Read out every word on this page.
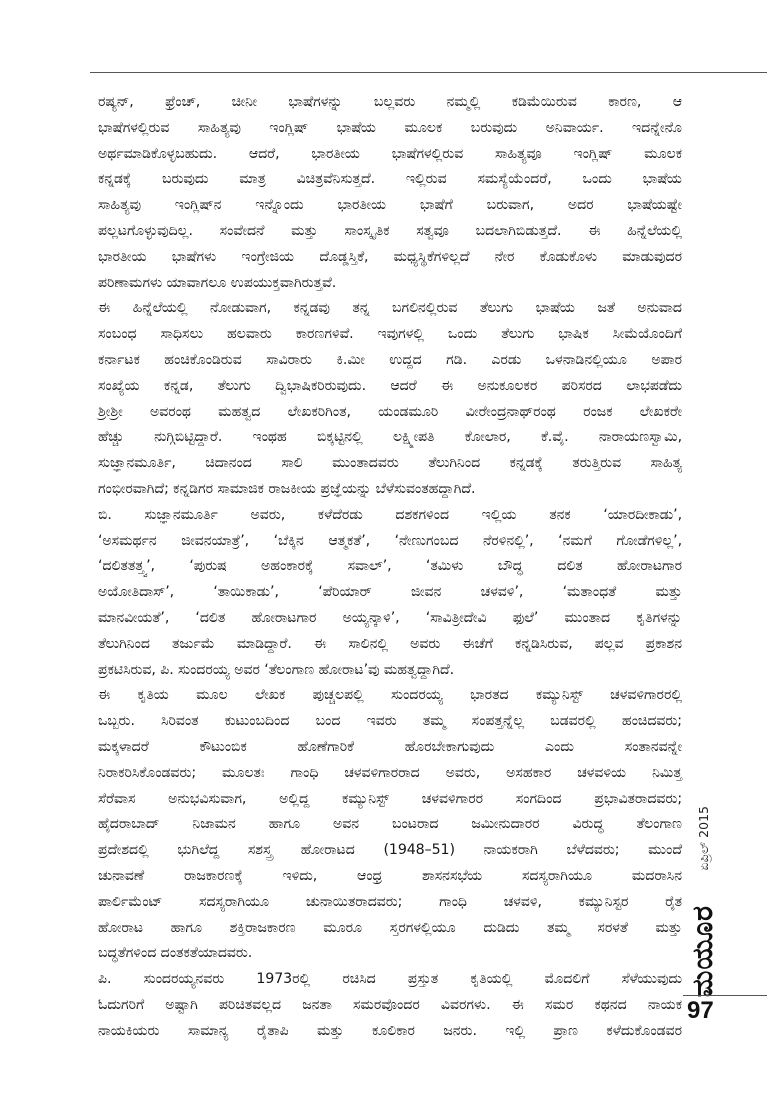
ರಷ್ಯನ್, ಫ್ರೆಂಚ್, ಚೀನೀ ಭಾಷೆಗಳನ್ನು ಬಲ್ಲವರು ನಮ್ಮಲ್ಲಿ ಕಡಿಮೆಯಿರುವ ಕಾರಣ, ಆ
ಭಾಷೆಗಳಲ್ಲಿರುವ ಸಾಹಿತ್ಯವು ಇಂಗ್ಲಿಷ್ ಭಾಷೆಯ ಮೂಲಕ ಬರುವುದು ಅನಿವಾರ್ಯ. ಇದನ್ನೇನೊ
ಅರ್ಥಮಾಡಿಕೊಳ್ಳಬಹುದು. ಆದರೆ, ಭಾರತೀಯ ಭಾಷೆಗಳಲ್ಲಿರುವ ಸಾಹಿತ್ಯವೂ ಇಂಗ್ಲಿಷ್ ಮೂಲಕ
ಕನ್ನಡಕ್ಕೆ ಬರುವುದು ಮಾತ್ರ ವಿಚಿತ್ರವೆನಿಸುತ್ತದೆ. ಇಲ್ಲಿರುವ ಸಮಸ್ಯೆಯೆಂದರೆ, ಒಂದು ಭಾಷೆಯ
ಸಾಹಿತ್ಯವು ಇಂಗ್ಲಿಷ್‌ನ ಇನ್ನೊಂದು ಭಾರತೀಯ ಭಾಷೆಗೆ ಬರುವಾಗ, ಅದರ ಭಾಷೆಯಷ್ಟೇ
ಪಲ್ಲಟಗೊಳ್ಳುವುದಿಲ್ಲ. ಸಂವೇದನೆ ಮತ್ತು ಸಾಂಸ್ಕೃತಿಕ ಸತ್ವವೂ ಬದಲಾಗಿಬಿಡುತ್ತದೆ. ಈ ಹಿನ್ನೆಲೆಯಲ್ಲಿ
ಭಾರತೀಯ ಭಾಷೆಗಳು ಇಂಗ್ರೇಜಿಯ ದೊಡ್ಡಸ್ತಿಕೆ, ಮಧ್ಯಸ್ಥಿಕೆಗಳಿಲ್ಲದೆ ನೇರ ಕೊಡುಕೊಳು ಮಾಡುವುದರ
ಪರಿಣಾಮಗಳು ಯಾವಾಗಲೂ ಉಪಯುಕ್ತವಾಗಿರುತ್ತವೆ.

ಈ ಹಿನ್ನೆಲೆಯಲ್ಲಿ ನೋಡುವಾಗ, ಕನ್ನಡವು ತನ್ನ ಬಗಲಿನಲ್ಲಿರುವ ತೆಲುಗು ಭಾಷೆಯ ಜತೆ ಅನುವಾದ
ಸಂಬಂಧ ಸಾಧಿಸಲು ಹಲವಾರು ಕಾರಣಗಳಿವೆ. ಇವುಗಳಲ್ಲಿ ಒಂದು ತೆಲುಗು ಭಾಷಿಕ ಸೀಮೆಯೊಂದಿಗೆ
ಕರ್ನಾಟಕ ಹಂಚಿಕೊಂಡಿರುವ ಸಾವಿರಾರು ಕಿ.ಮೀ ಉದ್ದದ ಗಡಿ. ಎರಡು ಒಳನಾಡಿನಲ್ಲಿಯೂ ಅಪಾರ
ಸಂಖ್ಯೆಯ ಕನ್ನಡ, ತೆಲುಗು ದ್ವಿಭಾಷಿಕರಿರುವುದು. ಆದರೆ ಈ ಅನುಕೂಲಕರ ಪರಿಸರದ ಲಾಭಪಡೆದು
ಶ್ರೀಶ್ರೀ ಅವರಂಥ ಮಹತ್ವದ ಲೇಖಕರಿಗಿಂತ, ಯಂಡಮೂರಿ ವೀರೇಂದ್ರನಾಥ್‌ರಂಥ ರಂಜಕ ಲೇಖಕರೇ
ಹೆಚ್ಚು ನುಗ್ಗಿಬಿಟ್ಟಿದ್ದಾರೆ. ಇಂಥಹ ಬಿಕ್ಕಟ್ಟಿನಲ್ಲಿ ಲಕ್ಷ್ಮೀಪತಿ ಕೋಲಾರ, ಕೆ.ವೈ. ನಾರಾಯಣಸ್ವಾಮಿ,
ಸುಜ್ಞಾನಮೂರ್ತಿ, ಚಿದಾನಂದ ಸಾಲಿ ಮುಂತಾದವರು ತೆಲುಗಿನಿಂದ ಕನ್ನಡಕ್ಕೆ ತರುತ್ತಿರುವ ಸಾಹಿತ್ಯ
ಗಂಭೀರವಾಗಿದೆ; ಕನ್ನಡಿಗರ ಸಾಮಾಜಿಕ ರಾಜಕೀಯ ಪ್ರಜ್ಞೆಯನ್ನು ಬೆಳೆಸುವಂತಹದ್ದಾಗಿದೆ.

ಬಿ. ಸುಜ್ಞಾನಮೂರ್ತಿ ಅವರು, ಕಳೆದೆರಡು ದಶಕಗಳಿಂದ ಇಲ್ಲಿಯ ತನಕ ‘ಯಾರದೀಕಾಡು’,
‘ಅಸಮರ್ಥನ ಜೀವನಯಾತ್ರೆ’, ‘ಬೆಕ್ಕಿನ ಆತ್ಮಕತೆ’, ‘ನೇಣುಗಂಬದ ನೆರಳಿನಲ್ಲಿ’, ‘ನಮಗೆ ಗೋಡೆಗಳಿಲ್ಲ’,
‘ದಲಿತತತ್ತ್ವ’, ‘ಪುರುಷ ಅಹಂಕಾರಕ್ಕೆ ಸವಾಲ್’, ‘ತಮಿಳು ಬೌದ್ಧ ದಲಿತ ಹೋರಾಟಗಾರ
ಅಯೋತಿದಾಸ್’, ‘ತಾಯಿಕಾಡು’, ‘ಪೆರಿಯಾರ್ ಜೀವನ ಚಳವಳಿ’, ‘ಮತಾಂಧತೆ ಮತ್ತು
ಮಾನವೀಯತೆ’, ‘ದಲಿತ ಹೋರಾಟಗಾರ ಅಯ್ಯನ್ಕಾಳಿ’, ‘ಸಾವಿತ್ರೀದೇವಿ ಫುಲೆ’ ಮುಂತಾದ ಕೃತಿಗಳನ್ನು
ತೆಲುಗಿನಿಂದ ತರ್ಜುಮೆ ಮಾಡಿದ್ದಾರೆ. ಈ ಸಾಲಿನಲ್ಲಿ ಅವರು ಈಚೆಗೆ ಕನ್ನಡಿಸಿರುವ, ಪಲ್ಲವ ಪ್ರಕಾಶನ
ಪ್ರಕಟಿಸಿರುವ, ಪಿ. ಸುಂದರಯ್ಯ ಅವರ ‘ತೆಲಂಗಾಣ ಹೋರಾಟ’ವು ಮಹತ್ವದ್ದಾಗಿದೆ.

ಈ ಕೃತಿಯ ಮೂಲ ಲೇಖಕ ಪುಚ್ಚಲಪಲ್ಲಿ ಸುಂದರಯ್ಯ ಭಾರತದ ಕಮ್ಯುನಿಸ್ಟ್ ಚಳವಳಿಗಾರರಲ್ಲಿ
ಒಬ್ಬರು. ಸಿರಿವಂತ ಕುಟುಂಬದಿಂದ ಬಂದ ಇವರು ತಮ್ಮ ಸಂಪತ್ತನ್ನೆಲ್ಲ ಬಡವರಲ್ಲಿ ಹಂಚಿದವರು;
ಮಕ್ಕಳಾದರೆ ಕೌಟುಂಬಿಕ ಹೊಣೆಗಾರಿಕೆ ಹೊರಬೇಕಾಗುವುದು ಎಂದು ಸಂತಾನವನ್ನೇ
ನಿರಾಕರಿಸಿಕೊಂಡವರು; ಮೂಲತಃ ಗಾಂಧಿ ಚಳವಳಿಗಾರರಾದ ಅವರು, ಅಸಹಕಾರ ಚಳವಳಿಯ ನಿಮಿತ್ತ
ಸೆರೆವಾಸ ಅನುಭವಿಸುವಾಗ, ಅಲ್ಲಿದ್ದ ಕಮ್ಯುನಿಸ್ಟ್ ಚಳವಳಿಗಾರರ ಸಂಗದಿಂದ ಪ್ರಭಾವಿತರಾದವರು;
ಹೈದರಾಬಾದ್ ನಿಜಾಮನ ಹಾಗೂ ಅವನ ಬಂಟರಾದ ಜಮೀನುದಾರರ ವಿರುದ್ಧ ತೆಲಂಗಾಣ
ಪ್ರದೇಶದಲ್ಲಿ ಭುಗಿಲೆದ್ದ ಸಶಸ್ತ್ರ ಹೋರಾಟದ (1948–51) ನಾಯಕರಾಗಿ ಬೆಳೆದವರು; ಮುಂದೆ
ಚುನಾವಣೆ ರಾಜಕಾರಣಕ್ಕೆ ಇಳಿದು, ಆಂಧ್ರ ಶಾಸನಸಭೆಯ ಸದಸ್ಯರಾಗಿಯೂ ಮದರಾಸಿನ
ಪಾರ್ಲಿಮೆಂಟ್ ಸದಸ್ಯರಾಗಿಯೂ ಚುನಾಯಿತರಾದವರು; ಗಾಂಧಿ ಚಳವಳಿ, ಕಮ್ಯುನಿಸ್ಟರ ರೈತ
ಹೋರಾಟ ಹಾಗೂ ಶಕ್ತಿರಾಜಕಾರಣ ಮೂರೂ ಸ್ತರಗಳಲ್ಲಿಯೂ ದುಡಿದು ತಮ್ಮ ಸರಳತೆ ಮತ್ತು
ಬದ್ಧತೆಗಳಿಂದ ದಂತಕತೆಯಾದವರು.

ಪಿ. ಸುಂದರಯ್ಯನವರು 1973ರಲ್ಲಿ ರಚಿಸಿದ ಪ್ರಸ್ತುತ ಕೃತಿಯಲ್ಲಿ ಮೊದಲಿಗೆ ಸೆಳೆಯುವುದು
ಓದುಗರಿಗೆ ಅಷ್ಟಾಗಿ ಪರಿಚಿತವಲ್ಲದ ಜನತಾ ಸಮರವೊಂದರ ವಿವರಗಳು. ಈ ಸಮರ ಕಥನದ ನಾಯಕ
ನಾಯಕಿಯರು ಸಾಮಾನ್ಯ ರೈತಾಪಿ ಮತ್ತು ಕೂಲಿಕಾರ ಜನರು. ಇಲ್ಲಿ ಪ್ರಾಣ ಕಳೆದುಕೊಂಡವರ

ಏಪ್ರಿಲ್ 2015
ಮಯೂರ
97
